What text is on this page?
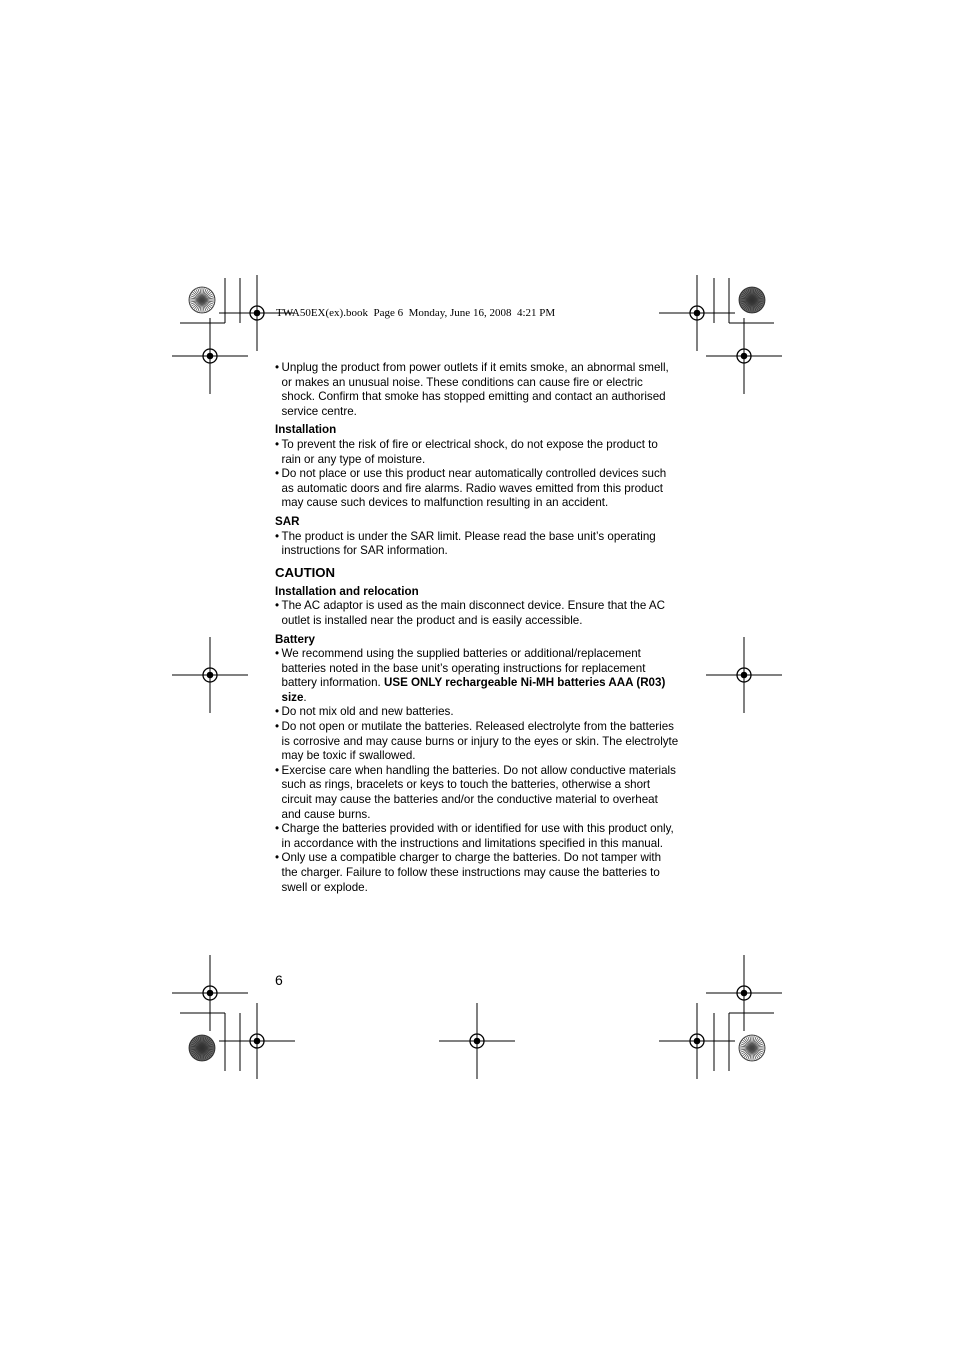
TWA50EX(ex).book  Page 6  Monday, June 16, 2008  4:21 PM
• Unplug the product from power outlets if it emits smoke, an abnormal smell, or makes an unusual noise. These conditions can cause fire or electric shock. Confirm that smoke has stopped emitting and contact an authorised service centre.
Installation
• To prevent the risk of fire or electrical shock, do not expose the product to rain or any type of moisture.
• Do not place or use this product near automatically controlled devices such as automatic doors and fire alarms. Radio waves emitted from this product may cause such devices to malfunction resulting in an accident.
SAR
• The product is under the SAR limit. Please read the base unit’s operating instructions for SAR information.
CAUTION
Installation and relocation
• The AC adaptor is used as the main disconnect device. Ensure that the AC outlet is installed near the product and is easily accessible.
Battery
• We recommend using the supplied batteries or additional/replacement batteries noted in the base unit’s operating instructions for replacement battery information. USE ONLY rechargeable Ni-MH batteries AAA (R03) size.
• Do not mix old and new batteries.
• Do not open or mutilate the batteries. Released electrolyte from the batteries is corrosive and may cause burns or injury to the eyes or skin. The electrolyte may be toxic if swallowed.
• Exercise care when handling the batteries. Do not allow conductive materials such as rings, bracelets or keys to touch the batteries, otherwise a short circuit may cause the batteries and/or the conductive material to overheat and cause burns.
• Charge the batteries provided with or identified for use with this product only, in accordance with the instructions and limitations specified in this manual.
• Only use a compatible charger to charge the batteries. Do not tamper with the charger. Failure to follow these instructions may cause the batteries to swell or explode.
6
